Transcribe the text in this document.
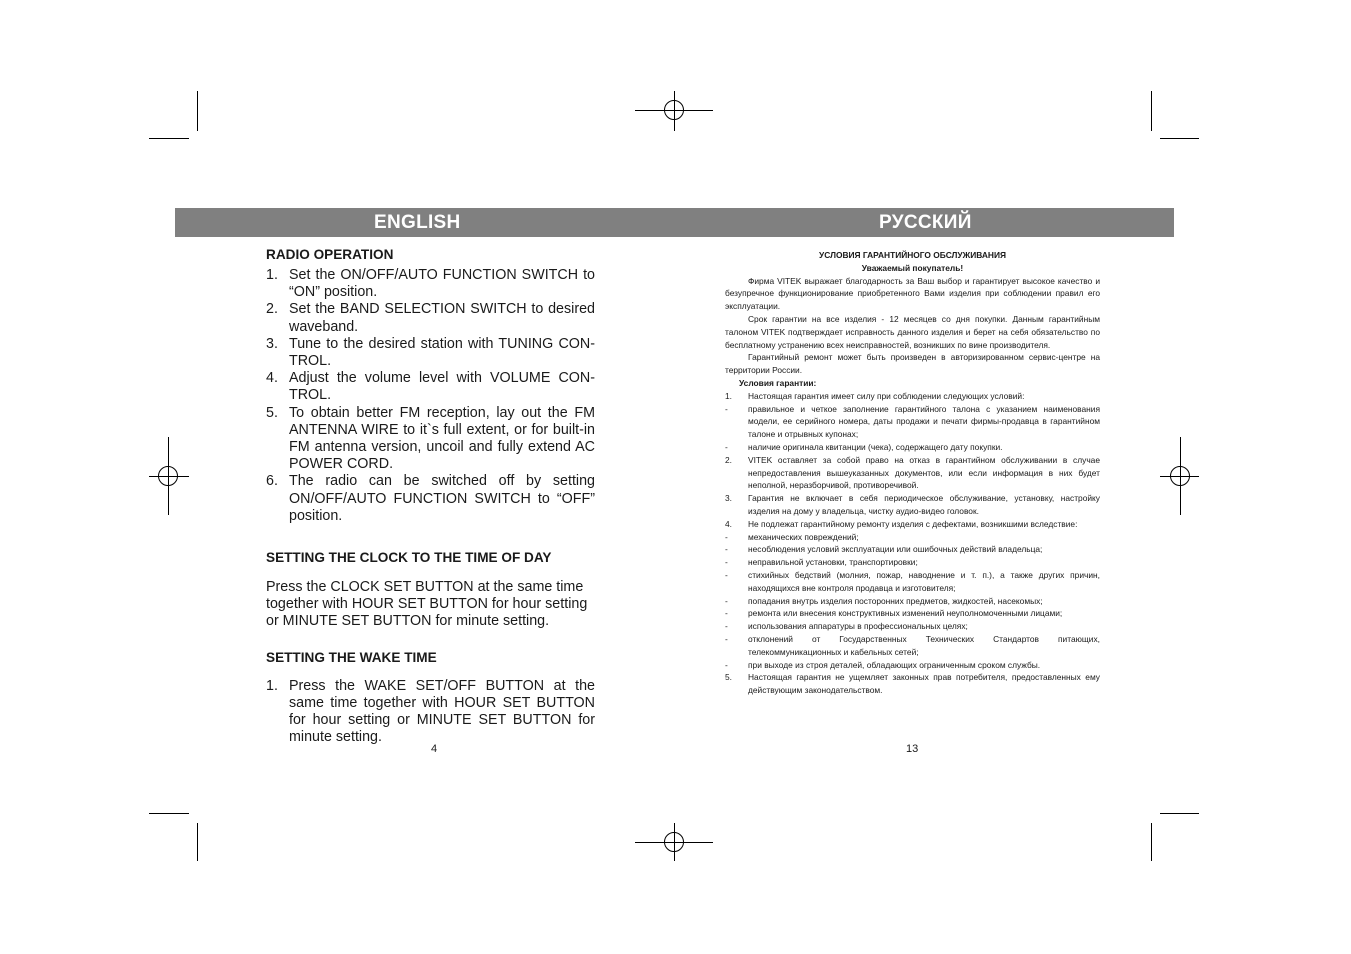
ENGLISH	РУССКИЙ
RADIO OPERATION
1. Set the ON/OFF/AUTO FUNCTION SWITCH to “ON” position.
2. Set the BAND SELECTION SWITCH to desired waveband.
3. Tune to the desired station with TUNING CON- TROL.
4. Adjust the volume level with VOLUME CON- TROL.
5. To obtain better FM reception, lay out the FM ANTENNA WIRE to it`s full extent, or for built-in FM antenna version, uncoil and fully extend AC POWER CORD.
6. The radio can be switched off by setting ON/OFF/AUTO FUNCTION SWITCH to “OFF” position.
SETTING THE CLOCK TO THE TIME OF DAY

Press the CLOCK SET BUTTON at the same time together with HOUR SET BUTTON for hour setting or MINUTE SET BUTTON for minute setting.

SETTING THE WAKE TIME
1. Press the WAKE SET/OFF BUTTON at the same time together with HOUR SET BUTTON for hour setting or MINUTE SET BUTTON for minute setting.
4
УСЛОВИЯ ГАРАНТИЙНОГО ОБСЛУЖИВАНИЯ
Уважаемый покупатель!

Фирма VITEK выражает благодарность за Ваш выбор и гарантирует высокое качество и безупречное функционирование приобретенного Вами изделия при соблюдении правил его эксплуатации.

Срок гарантии на все изделия - 12 месяцев со дня покупки. Данным гарантийным талоном VITEK подтверждает исправность данного изделия и берет на себя обязательство по бесплатному устранению всех неисправностей, возникших по вине производителя.

Гарантийный ремонт может быть произведен в авторизированном сервис-центре на территории России.

Условия гарантии:
1.	Настоящая гарантия имеет силу при соблюдении следующих условий:
-	правильное и четкое заполнение гарантийного талона с указанием наименования модели, ее серийного номера, даты продажи и печати фирмы-продавца в гарантийном талоне и отрывных купонах;
-	наличие оригинала квитанции (чека), содержащего дату покупки.
2.	VITEK оставляет за собой право на отказ в гарантийном обслуживании в случае непредоставления вышеуказанных документов, или если информация в них будет неполной, неразборчивой, противоречивой.
3.	Гарантия не включает в себя периодическое обслуживание, установку, настройку изделия на дому у владельца, чистку аудио-видео головок.
4.	Не подлежат гарантийному ремонту изделия с дефектами, возникшими вследствие:
-	механических повреждений;
-	несоблюдения условий эксплуатации или ошибочных действий владельца;
-	неправильной установки, транспортировки;
-	стихийных бедствий (молния, пожар, наводнение и т. п.), а также других причин, находящихся вне контроля продавца и изготовителя;
-	попадания внутрь изделия посторонних предметов, жидкостей, насекомых;
-	ремонта или внесения конструктивных изменений неуполномоченными лицами;
-	использования аппаратуры в профессиональных целях;
-	отклонений от Государственных Технических Стандартов питающих, телекоммуникационных и кабельных сетей;
-	при выходе из строя деталей, обладающих ограниченным сроком службы.
5.	Настоящая гарантия не ущемляет законных прав потребителя, предоставленных ему действующим законодательством.
13
